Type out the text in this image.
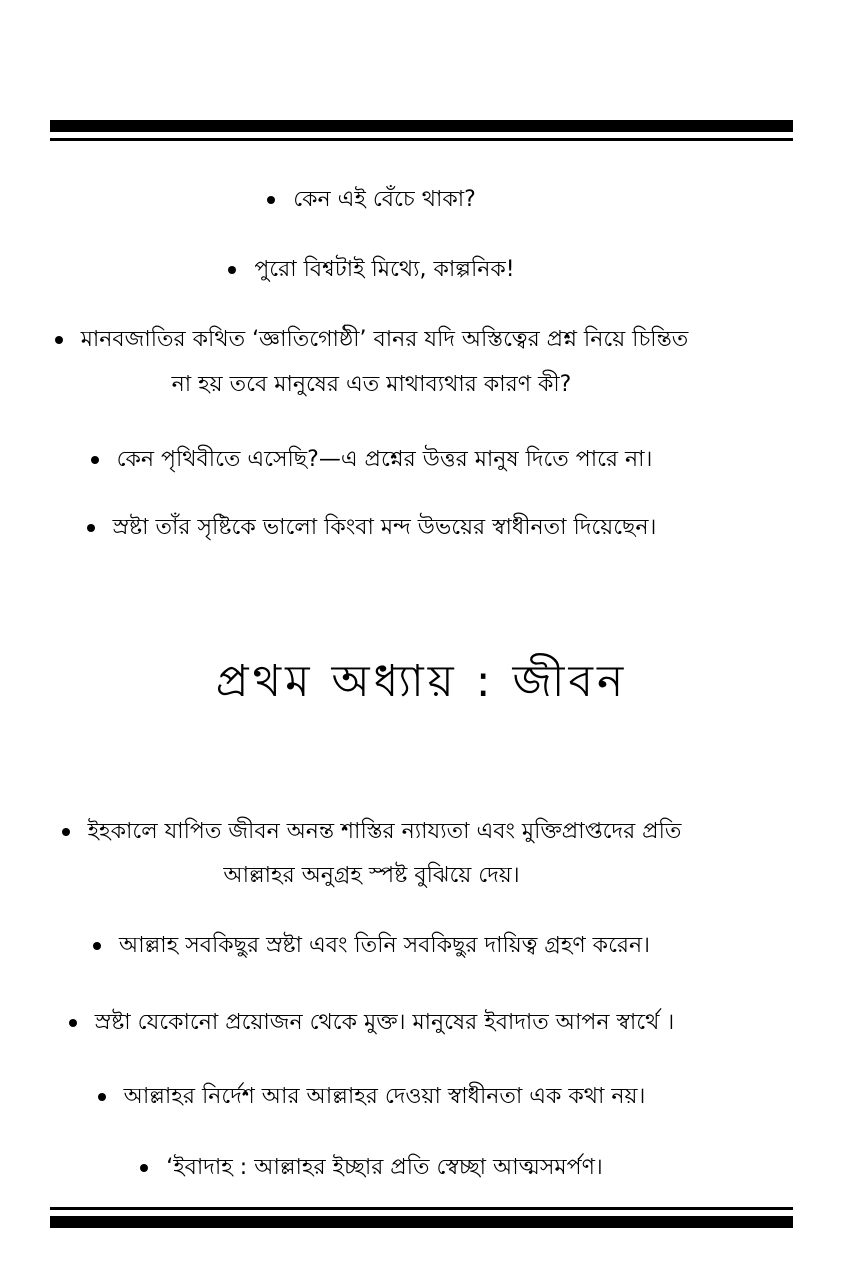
কেন এই বেঁচে থাকা?

পুরো বিশ্বটাই মিথ্যে, কাল্পনিক!

মানবজাতির কথিত ‘জ্ঞাতিগোষ্ঠী’ বানর যদি অস্তিত্বের প্রশ্ন নিয়ে চিন্তিত

না হয় তবে মানুষের এত মাথাব্যথার কারণ কী?

কেন পৃথিবীতে এসেছি?—এ প্রশ্নের উত্তর মানুষ দিতে পারে না।

স্রষ্টা তাঁর সৃষ্টিকে ভালো কিংবা মন্দ উভয়ের স্বাধীনতা দিয়েছেন।

প্রথম অধ্যায় : জীবন

ইহকালে যাপিত জীবন অনন্ত শাস্তির ন্যায্যতা এবং মুক্তিপ্রাপ্তদের প্রতি

আল্লাহর অনুগ্রহ স্পষ্ট বুঝিয়ে দেয়।

আল্লাহ সবকিছুর স্রষ্টা এবং তিনি সবকিছুর দায়িত্ব গ্রহণ করেন।

স্রষ্টা যেকোনো প্রয়োজন থেকে মুক্ত। মানুষের ইবাদাত আপন স্বার্থে ।

আল্লাহর নির্দেশ আর আল্লাহর দেওয়া স্বাধীনতা এক কথা নয়।

‘ইবাদাহ : আল্লাহর ইচ্ছার প্রতি স্বেচ্ছা আত্মসমর্পণ।
